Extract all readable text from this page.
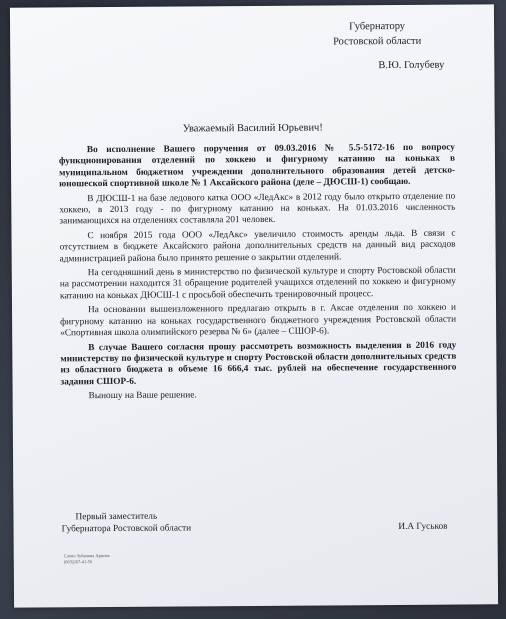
Губернатору
Ростовской области
В.Ю. Голубеву
Уважаемый Василий Юрьевич!

Во исполнение Вашего поручения от 09.03.2016 № 5.5-5172-16 по вопросу функционирования отделений по хоккею и фигурному катанию на коньках в муниципальном бюджетном учреждении дополнительного образования детей детско-юношеской спортивной школе № 1 Аксайского района (деле – ДЮСШ-1) сообщаю.

В ДЮСШ-1 на базе ледового катка ООО «ЛедАкс» в 2012 году было открыто отделение по хоккею, в 2013 году - по фигурному катанию на коньках. На 01.03.2016 численность занимающихся на отделениях составляла 201 человек.

С ноября 2015 года ООО «ЛедАкс» увеличило стоимость аренды льда. В связи с отсутствием в бюджете Аксайского района дополнительных средств на данный вид расходов администрацией района было принято решение о закрытии отделений.

На сегодняшний день в министерство по физической культуре и спорту Ростовской области на рассмотрении находится 31 обращение родителей учащихся отделений по хоккею и фигурному катанию на коньках ДЮСШ-1 с просьбой обеспечить тренировочный процесс.

На основании вышеизложенного предлагаю открыть в г. Аксае отделения по хоккею и фигурному катанию на коньках государственного бюджетного учреждения Ростовской области «Спортивная школа олимпийского резерва № 6» (далее – СШОР-6).

В случае Вашего согласия прошу рассмотреть возможность выделения в 2016 году министерству по физической культуре и спорту Ростовской области дополнительных средств из областного бюджета в объеме 16 666,4 тыс. рублей на обеспечение государственного задания СШОР-6.

Выношу на Ваше решение.

Первый заместитель
Губернатора Ростовской области	И.А Гуськов
Сахно Зубанова Арнова
(863)267-41-56
